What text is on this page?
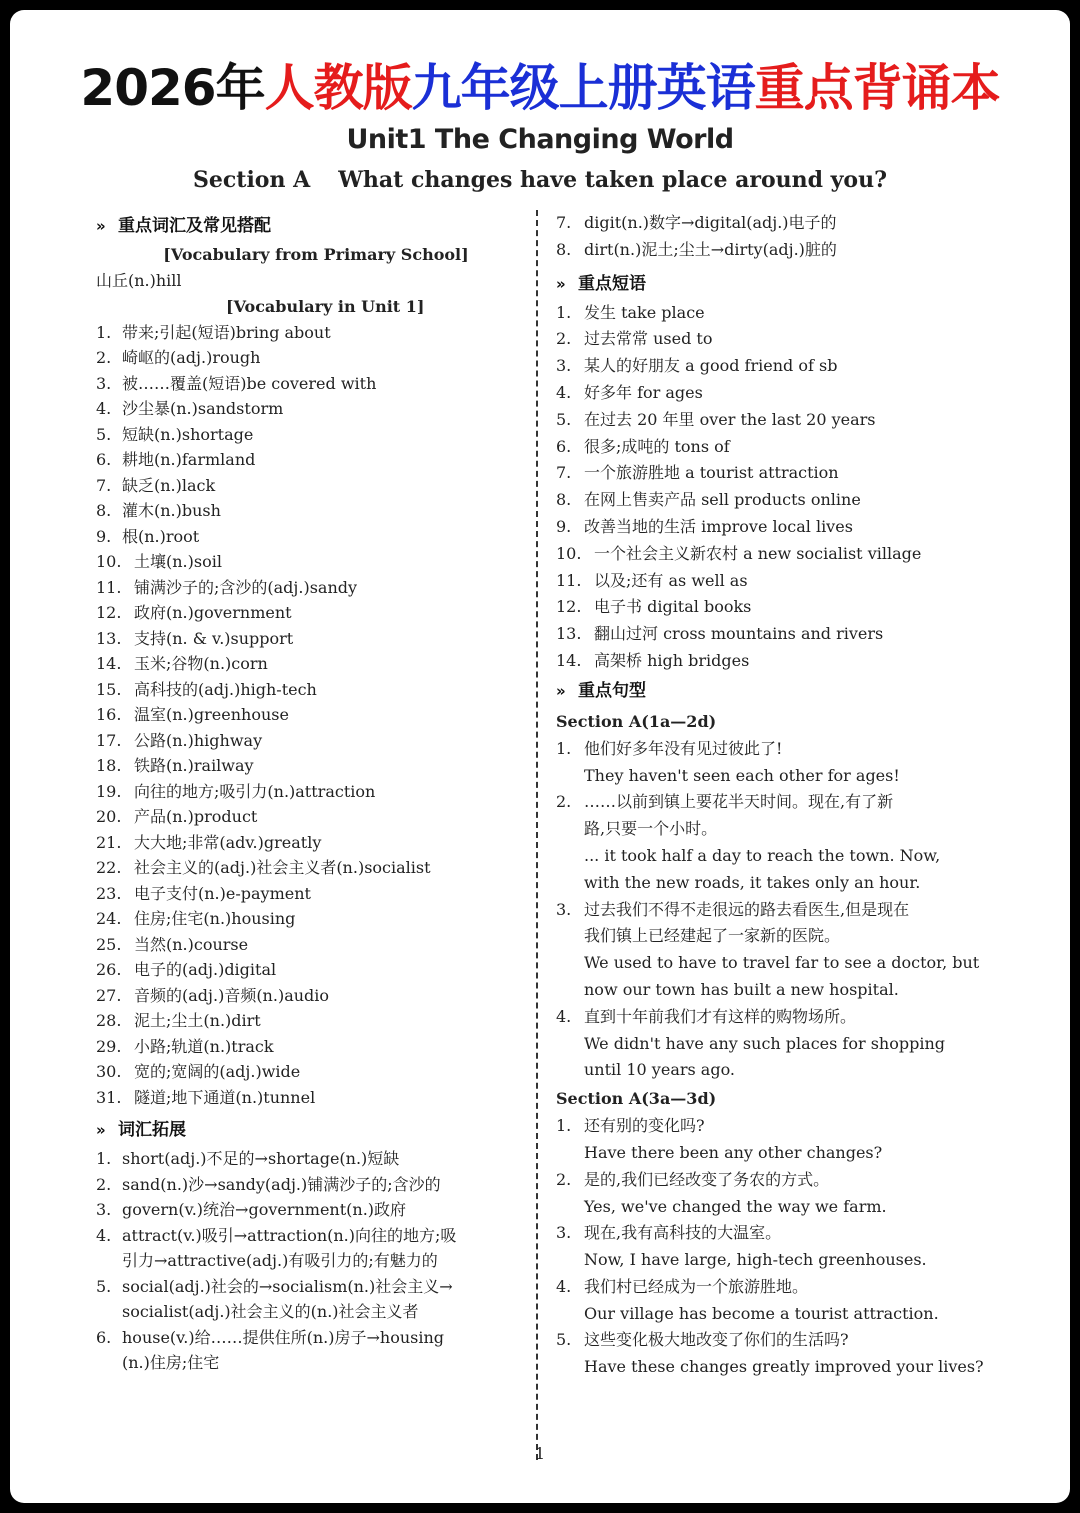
2026年人教版九年级上册英语重点背诵本
Unit1 The Changing World
Section A What changes have taken place around you?
» 重点词汇及常见搭配
[Vocabulary from Primary School]
山丘(n.)hill
[Vocabulary in Unit 1]
1. 带来;引起(短语)bring about
2. 崎岖的(adj.)rough
3. 被……覆盖(短语)be covered with
4. 沙尘暴(n.)sandstorm
5. 短缺(n.)shortage
6. 耕地(n.)farmland
7. 缺乏(n.)lack
8. 灌木(n.)bush
9. 根(n.)root
10. 土壤(n.)soil
11. 铺满沙子的;含沙的(adj.)sandy
12. 政府(n.)government
13. 支持(n. & v.)support
14. 玉米;谷物(n.)corn
15. 高科技的(adj.)high-tech
16. 温室(n.)greenhouse
17. 公路(n.)highway
18. 铁路(n.)railway
19. 向往的地方;吸引力(n.)attraction
20. 产品(n.)product
21. 大大地;非常(adv.)greatly
22. 社会主义的(adj.)社会主义者(n.)socialist
23. 电子支付(n.)e-payment
24. 住房;住宅(n.)housing
25. 当然(n.)course
26. 电子的(adj.)digital
27. 音频的(adj.)音频(n.)audio
28. 泥土;尘土(n.)dirt
29. 小路;轨道(n.)track
30. 宽的;宽阔的(adj.)wide
31. 隧道;地下通道(n.)tunnel
» 词汇拓展
1. short(adj.)不足的→shortage(n.)短缺
2. sand(n.)沙→sandy(adj.)铺满沙子的;含沙的
3. govern(v.)统治→government(n.)政府
4. attract(v.)吸引→attraction(n.)向往的地方;吸
引力→attractive(adj.)有吸引力的;有魅力的
5. social(adj.)社会的→socialism(n.)社会主义→
socialist(adj.)社会主义的(n.)社会主义者
6. house(v.)给……提供住所(n.)房子→housing
(n.)住房;住宅
7. digit(n.)数字→digital(adj.)电子的
8. dirt(n.)泥土;尘土→dirty(adj.)脏的
» 重点短语
1. 发生 take place
2. 过去常常 used to
3. 某人的好朋友 a good friend of sb
4. 好多年 for ages
5. 在过去 20 年里 over the last 20 years
6. 很多;成吨的 tons of
7. 一个旅游胜地 a tourist attraction
8. 在网上售卖产品 sell products online
9. 改善当地的生活 improve local lives
10. 一个社会主义新农村 a new socialist village
11. 以及;还有 as well as
12. 电子书 digital books
13. 翻山过河 cross mountains and rivers
14. 高架桥 high bridges
» 重点句型
Section A(1a—2d)
1. 他们好多年没有见过彼此了!
They haven't seen each other for ages!
2. ……以前到镇上要花半天时间。现在,有了新
路,只要一个小时。
... it took half a day to reach the town. Now,
with the new roads, it takes only an hour.
3. 过去我们不得不走很远的路去看医生,但是现在
我们镇上已经建起了一家新的医院。
We used to have to travel far to see a doctor, but
now our town has built a new hospital.
4. 直到十年前我们才有这样的购物场所。
We didn't have any such places for shopping
until 10 years ago.
Section A(3a—3d)
1. 还有别的变化吗?
Have there been any other changes?
2. 是的,我们已经改变了务农的方式。
Yes, we've changed the way we farm.
3. 现在,我有高科技的大温室。
Now, I have large, high-tech greenhouses.
4. 我们村已经成为一个旅游胜地。
Our village has become a tourist attraction.
5. 这些变化极大地改变了你们的生活吗?
Have these changes greatly improved your lives?
1
